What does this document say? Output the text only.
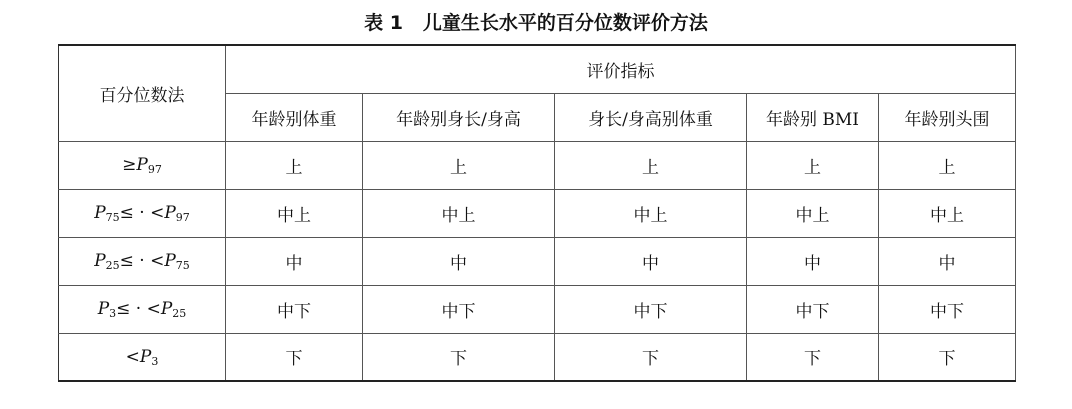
表 1   儿童生长水平的百分位数评价方法
百分位数法	评价指标				
	年龄别体重	年龄别身长/身高	身长/身高别体重	年龄别 BMI	年龄别头围
$\ge P_{97}$	上	上	上	上	上
$P_{75}\le \cdot <P_{97}$	中上	中上	中上	中上	中上
$P_{25}\le \cdot <P_{75}$	中	中	中	中	中
$P_3\le \cdot <P_{25}$	中下	中下	中下	中下	中下
$<P_3$	下	下	下	下	下
